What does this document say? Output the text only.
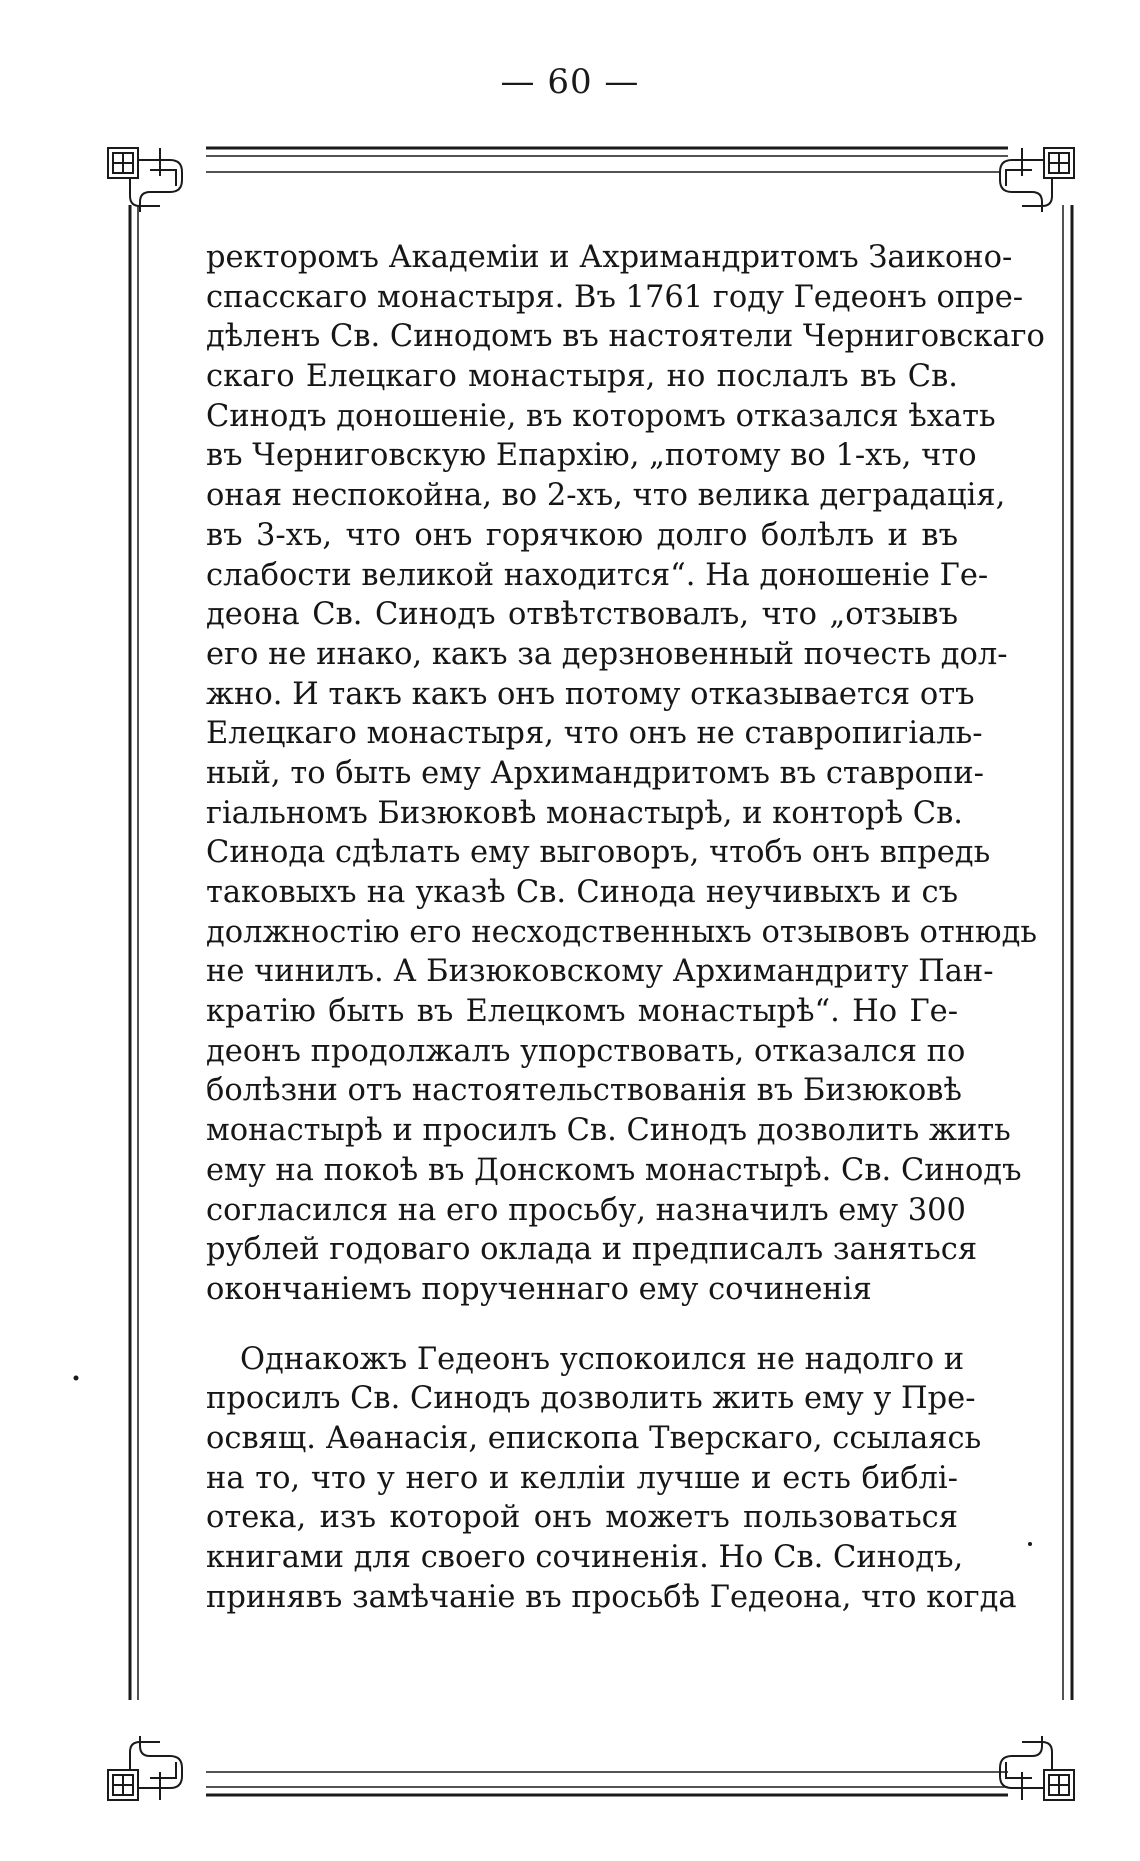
— 60 —
ректоромъ Академіи и Ахримандритомъ Заиконо-
спасскаго монастыря. Въ 1761 году Гедеонъ опре-
дѣленъ Св. Синодомъ въ настоятели Черниговскаго
скаго Елецкаго монастыря, но послалъ въ Св.
Синодъ доношеніе, въ которомъ отказался ѣхать
въ Черниговскую Епархію, „потому во 1-хъ, что
оная неспокойна, во 2-хъ, что велика деградація,
въ 3-хъ, что онъ горячкою долго болѣлъ и въ
слабости великой находится“. На доношеніе Ге-
деона Св. Синодъ отвѣтствовалъ, что „отзывъ
его не инако, какъ за дерзновенный почесть дол-
жно. И такъ какъ онъ потому отказывается отъ
Елецкаго монастыря, что онъ не ставропигіаль-
ный, то быть ему Архимандритомъ въ ставропи-
гіальномъ Бизюковѣ монастырѣ, и конторѣ Св.
Синода сдѣлать ему выговоръ, чтобъ онъ впредь
таковыхъ на указѣ Св. Синода неучивыхъ и съ
должностію его несходственныхъ отзывовъ отнюдь
не чинилъ. А Бизюковскому Архимандриту Пан-
кратію быть въ Елецкомъ монастырѣ“. Но Ге-
деонъ продолжалъ упорствовать, отказался по
болѣзни отъ настоятельствованія въ Бизюковѣ
монастырѣ и просилъ Св. Синодъ дозволить жить
ему на покоѣ въ Донскомъ монастырѣ. Св. Синодъ
согласился на его просьбу, назначилъ ему 300
рублей годоваго оклада и предписалъ заняться
окончаніемъ порученнаго ему сочиненія
Однакожъ Гедеонъ успокоился не надолго и
просилъ Св. Синодъ дозволить жить ему у Пре-
освящ. Аѳанасія, епископа Тверскаго, ссылаясь
на то, что у него и келліи лучше и есть библі-
отека, изъ которой онъ можетъ пользоваться
книгами для своего сочиненія. Но Св. Синодъ,
принявъ замѣчаніе въ просьбѣ Гедеона, что когда
